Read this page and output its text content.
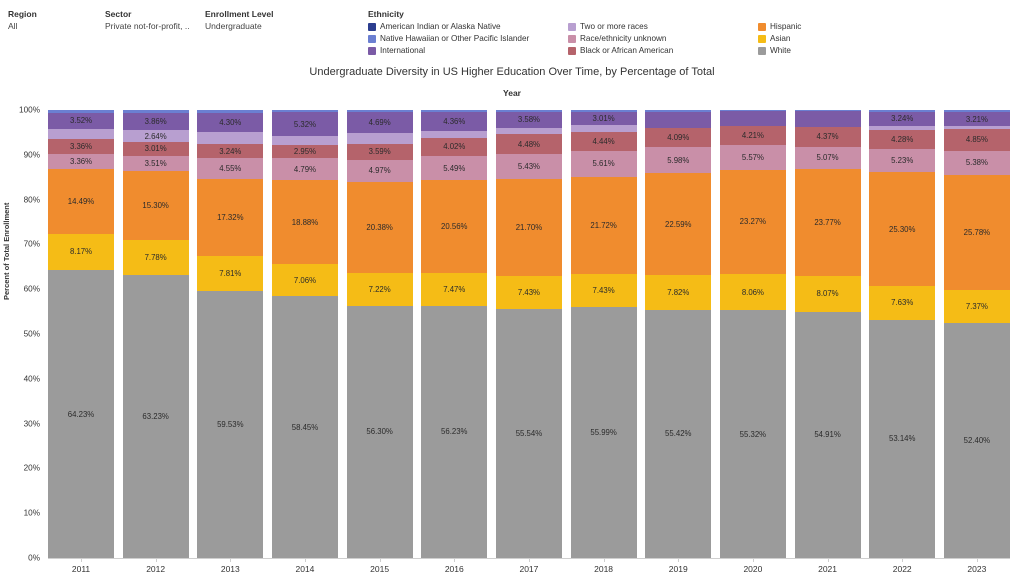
Region
All
Sector
Private not-for-profit, ..
Enrollment Level
Undergraduate
Ethnicity
American Indian or Alaska Native
Native Hawaiian or Other Pacific Islander
International
Two or more races
Race/ethnicity unknown
Black or African American
Hispanic
Asian
White
Undergraduate Diversity in US Higher Education Over Time, by Percentage of Total
Year
Percent of Total Enrollment
0%
10%
20%
30%
40%
50%
60%
70%
80%
90%
100%
3.52%
3.36%
3.36%
14.49%
8.17%
64.23%
3.86%
2.64%
3.01%
3.51%
15.30%
7.78%
63.23%
4.30%
3.24%
4.55%
17.32%
7.81%
59.53%
5.32%
2.95%
4.79%
18.88%
7.06%
58.45%
4.69%
3.59%
4.97%
20.38%
7.22%
56.30%
4.36%
4.02%
5.49%
20.56%
7.47%
56.23%
3.58%
4.48%
5.43%
21.70%
7.43%
55.54%
3.01%
4.44%
5.61%
21.72%
7.43%
55.99%
4.09%
5.98%
22.59%
7.82%
55.42%
4.21%
5.57%
23.27%
8.06%
55.32%
4.37%
5.07%
23.77%
8.07%
54.91%
3.24%
4.28%
5.23%
25.30%
7.63%
53.14%
3.21%
4.85%
5.38%
25.78%
7.37%
52.40%
2011	2012	2013	2014	2015	2016	2017	2018	2019	2020	2021	2022	2023
